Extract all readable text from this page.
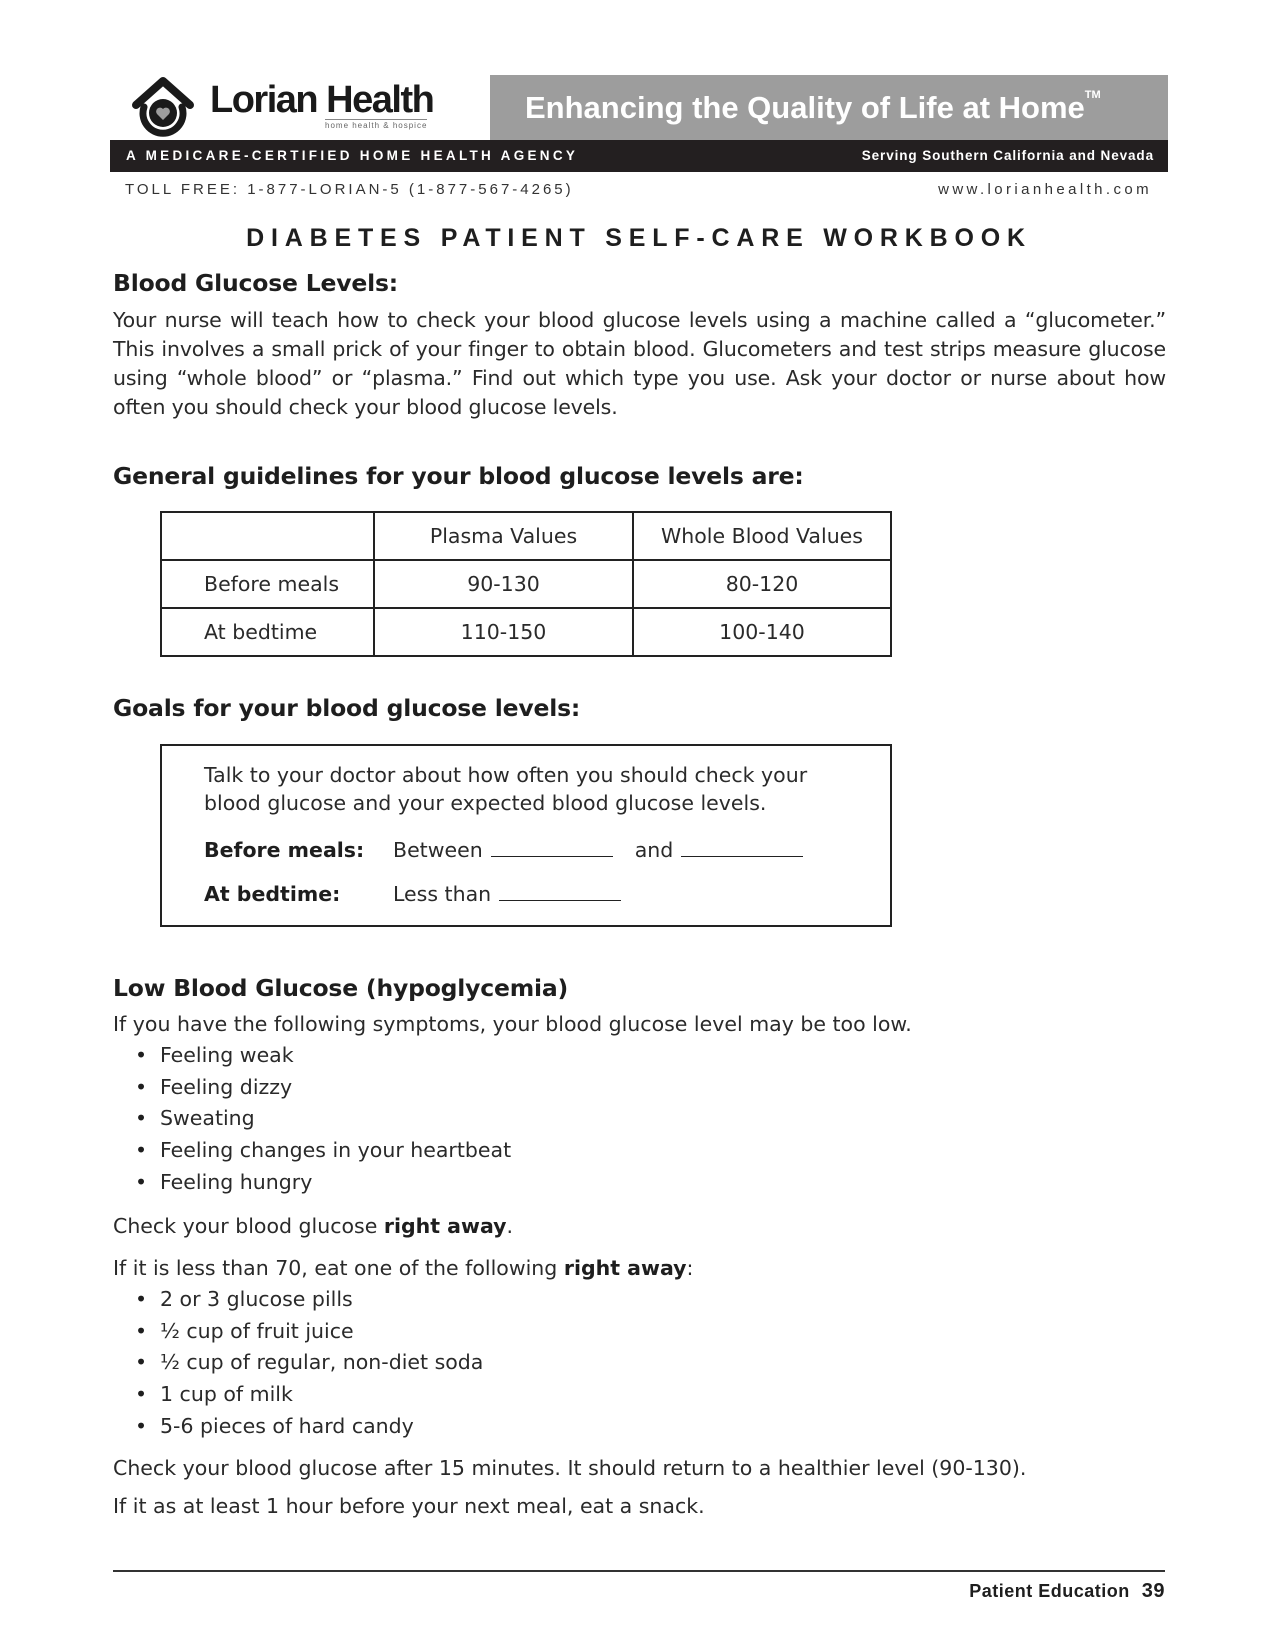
Lorian Health
home health & hospice
Enhancing the Quality of Life at Home™
A MEDICARE-CERTIFIED HOME HEALTH AGENCY	Serving Southern California and Nevada
TOLL FREE: 1-877-LORIAN-5 (1-877-567-4265)	www.lorianhealth.com
DIABETES PATIENT SELF-CARE WORKBOOK
Blood Glucose Levels:
Your nurse will teach how to check your blood glucose levels using a machine called a “glucometer.” This involves a small prick of your finger to obtain blood. Glucometers and test strips measure glucose using “whole blood” or “plasma.” Find out which type you use. Ask your doctor or nurse about how often you should check your blood glucose levels.
General guidelines for your blood glucose levels are:
	Plasma Values	Whole Blood Values
Before meals	90-130	80-120
At bedtime	110-150	100-140
Goals for your blood glucose levels:
Talk to your doctor about how often you should check your
blood glucose and your expected blood glucose levels.
Before meals: Between	and
At bedtime:	Less than
Low Blood Glucose (hypoglycemia)
If you have the following symptoms, your blood glucose level may be too low.
• Feeling weak
• Feeling dizzy
• Sweating
• Feeling changes in your heartbeat
• Feeling hungry
Check your blood glucose right away.
If it is less than 70, eat one of the following right away:
• 2 or 3 glucose pills
• ½ cup of fruit juice
• ½ cup of regular, non-diet soda
• 1 cup of milk
• 5-6 pieces of hard candy
Check your blood glucose after 15 minutes. It should return to a healthier level (90-130).
If it as at least 1 hour before your next meal, eat a snack.
Patient Education 39
